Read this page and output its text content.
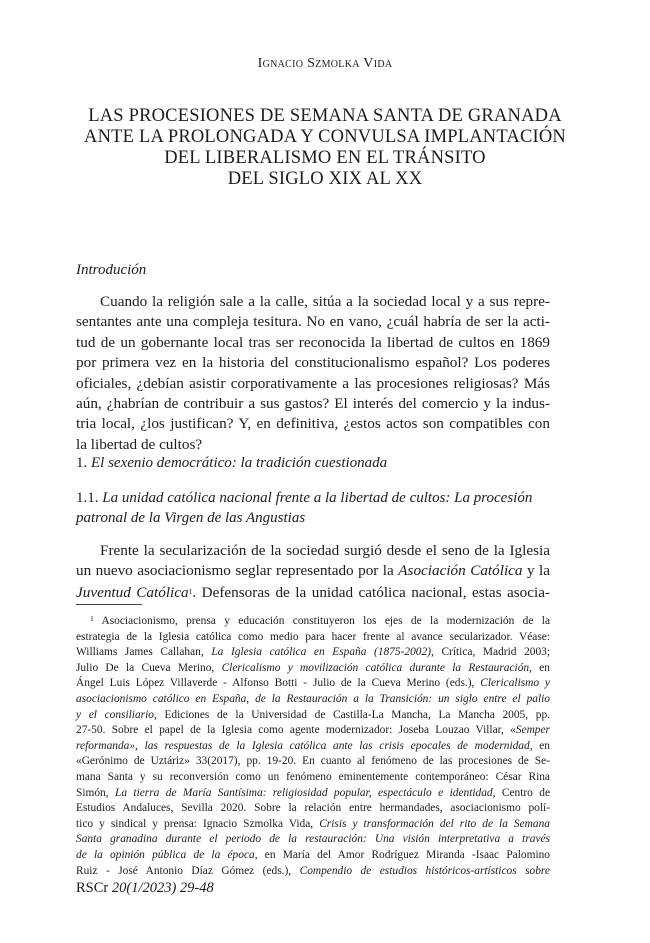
Ignacio Szmolka Vida
LAS PROCESIONES DE SEMANA SANTA DE GRANADA
ANTE LA PROLONGADA Y CONVULSA IMPLANTACIÓN
DEL LIBERALISMO EN EL TRÁNSITO
DEL SIGLO XIX AL XX
Introdución
Cuando la religión sale a la calle, sitúa a la sociedad local y a sus repre-
sentantes ante una compleja tesitura. No en vano, ¿cuál habría de ser la acti-
tud de un gobernante local tras ser reconocida la libertad de cultos en 1869
por primera vez en la historia del constitucionalismo español? Los poderes
oficiales, ¿debían asistir corporativamente a las procesiones religiosas? Más
aún, ¿habrían de contribuir a sus gastos? El interés del comercio y la indus-
tria local, ¿los justifican? Y, en definitiva, ¿estos actos son compatibles con
la libertad de cultos?
1. El sexenio democrático: la tradición cuestionada
1.1. La unidad católica nacional frente a la libertad de cultos: La procesión
patronal de la Virgen de las Angustias
Frente la secularización de la sociedad surgió desde el seno de la Iglesia
un nuevo asociacionismo seglar representado por la Asociación Católica y la
Juventud Católica$^1$. Defensoras de la unidad católica nacional, estas asocia-
$^1$ Asociacionismo, prensa y educación constituyeron los ejes de la modernización de la
estrategia de la Iglesia católica como medio para hacer frente al avance secularizador. Véase:
Williams James Callahan, La Iglesia católica en España (1875-2002), Crítica, Madrid 2003;
Julio De la Cueva Merino, Clericalismo y movilización católica durante la Restauración, en
Ángel Luis López Villaverde - Alfonso Botti - Julio de la Cueva Merino (eds.), Clericalismo y
asociacionismo católico en España, de la Restauración a la Transición: un siglo entre el palio
y el consiliario, Ediciones de la Universidad de Castilla-La Mancha, La Mancha 2005, pp.
27-50. Sobre el papel de la Iglesia como agente modernizador: Joseba Louzao Villar, «Semper
reformanda», las respuestas de la Iglesia católica ante las crisis epocales de modernidad, en
«Gerónimo de Uztáriz» 33(2017), pp. 19-20. En cuanto al fenómeno de las procesiones de Se-
mana Santa y su reconversión como un fenómeno eminentemente contemporáneo: César Rina
Simón, La tierra de María Santísima: religiosidad popular, espectáculo e identidad, Centro de
Estudios Andaluces, Sevilla 2020. Sobre la relación entre hermandades, asociacionismo polí-
tico y sindical y prensa: Ignacio Szmolka Vida, Crisis y transformación del rito de la Semana
Santa granadina durante el periodo de la restauración: Una visión interpretativa a través
de la opinión pública de la época, en María del Amor Rodríguez Miranda -Isaac Palomino
Ruiz - José Antonio Díaz Gómez (eds.), Compendio de estudios históricos-artísticos sobre
RSCr 20(1/2023) 29-48
